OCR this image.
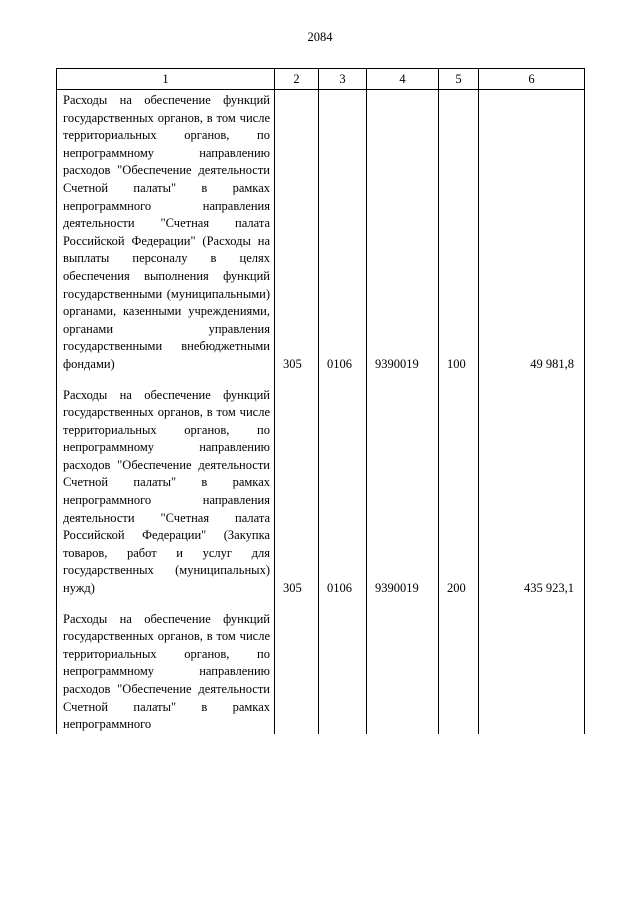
2084
1	2	3	4	5	6
Расходы на обеспечение функций государственных органов, в том числе территориальных органов, по непрограммному направлению расходов "Обеспечение деятельности Счетной палаты" в рамках непрограммного направления деятельности "Счетная палата Российской Федерации" (Расходы на выплаты персоналу в целях обеспечения выполнения функций государственными (муниципальными) органами, казенными учреждениями, органами управления государственными внебюджетными фондами)	305	0106	9390019	100	49 981,8

Расходы на обеспечение функций государственных органов, в том числе территориальных органов, по непрограммному направлению расходов "Обеспечение деятельности Счетной палаты" в рамках непрограммного направления деятельности "Счетная палата Российской Федерации" (Закупка товаров, работ и услуг для государственных (муниципальных) нужд)	305	0106	9390019	200	435 923,1

Расходы на обеспечение функций государственных органов, в том числе территориальных органов, по непрограммному направлению расходов "Обеспечение деятельности Счетной палаты" в рамках непрограммного					
